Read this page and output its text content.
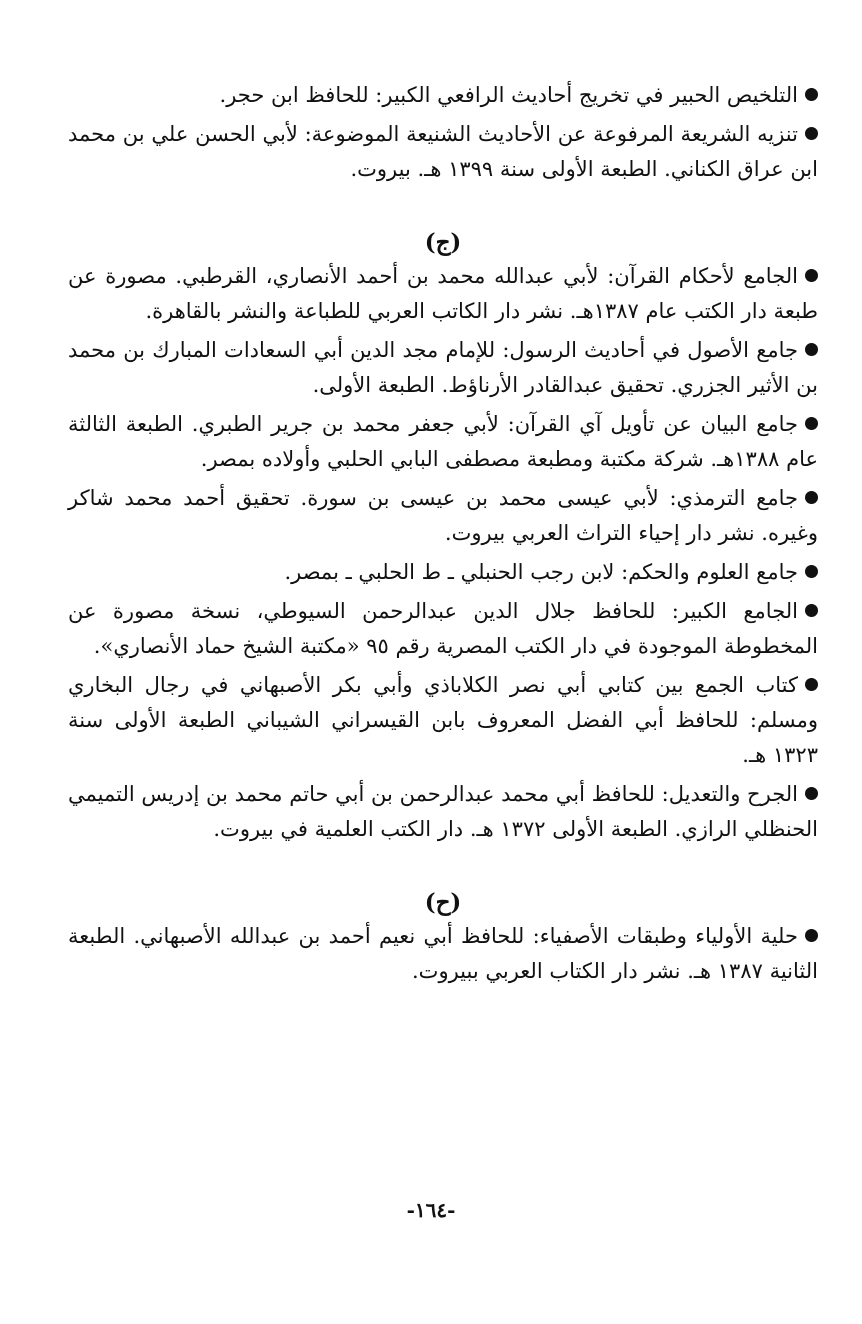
التلخيص الحبير في تخريج أحاديث الرافعي الكبير: للحافظ ابن حجر.

تنزيه الشريعة المرفوعة عن الأحاديث الشنيعة الموضوعة: لأبي الحسن علي بن محمد ابن عراق الكناني. الطبعة الأولى سنة ١٣٩٩ هـ. بيروت.

(ج)

الجامع لأحكام القرآن: لأبي عبدالله محمد بن أحمد الأنصاري، القرطبي. مصورة عن طبعة دار الكتب عام ١٣٨٧هـ. نشر دار الكاتب العربي للطباعة والنشر بالقاهرة.

جامع الأصول في أحاديث الرسول: للإمام مجد الدين أبي السعادات المبارك بن محمد بن الأثير الجزري. تحقيق عبدالقادر الأرناؤط. الطبعة الأولى.

جامع البيان عن تأويل آي القرآن: لأبي جعفر محمد بن جرير الطبري. الطبعة الثالثة عام ١٣٨٨هـ. شركة مكتبة ومطبعة مصطفى البابي الحلبي وأولاده بمصر.

جامع الترمذي: لأبي عيسى محمد بن عيسى بن سورة. تحقيق أحمد محمد شاكر وغيره. نشر دار إحياء التراث العربي بيروت.

جامع العلوم والحكم: لابن رجب الحنبلي ـ ط الحلبي ـ بمصر.

الجامع الكبير: للحافظ جلال الدين عبدالرحمن السيوطي، نسخة مصورة عن المخطوطة الموجودة في دار الكتب المصرية رقم ٩٥ «مكتبة الشيخ حماد الأنصاري».

كتاب الجمع بين كتابي أبي نصر الكلاباذي وأبي بكر الأصبهاني في رجال البخاري ومسلم: للحافظ أبي الفضل المعروف بابن القيسراني الشيباني الطبعة الأولى سنة ١٣٢٣ هـ.

الجرح والتعديل: للحافظ أبي محمد عبدالرحمن بن أبي حاتم محمد بن إدريس التميمي الحنظلي الرازي. الطبعة الأولى ١٣٧٢ هـ. دار الكتب العلمية في بيروت.

(ح)

حلية الأولياء وطبقات الأصفياء: للحافظ أبي نعيم أحمد بن عبدالله الأصبهاني. الطبعة الثانية ١٣٨٧ هـ. نشر دار الكتاب العربي ببيروت.

-١٦٤-
